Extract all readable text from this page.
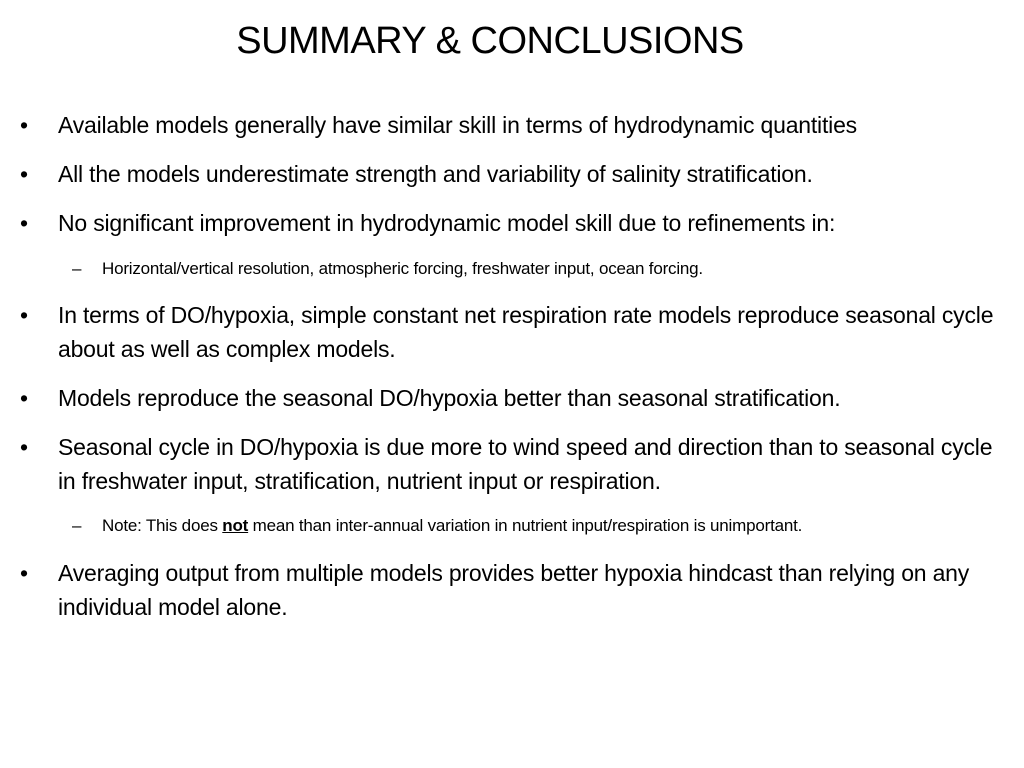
SUMMARY & CONCLUSIONS
• Available models generally have similar skill in terms of hydrodynamic quantities
• All the models underestimate strength and variability of salinity stratification.
• No significant improvement in hydrodynamic model skill due to refinements in:
– Horizontal/vertical resolution, atmospheric forcing, freshwater input, ocean forcing.
• In terms of DO/hypoxia, simple constant net respiration rate models reproduce seasonal cycle about as well as complex models.
• Models reproduce the seasonal DO/hypoxia better than seasonal stratification.
• Seasonal cycle in DO/hypoxia is due more to wind speed and direction than to seasonal cycle in freshwater input, stratification, nutrient input or respiration.
– Note: This does not mean than inter-annual variation in nutrient input/respiration is unimportant.
• Averaging output from multiple models provides better hypoxia hindcast than relying on any individual model alone.
